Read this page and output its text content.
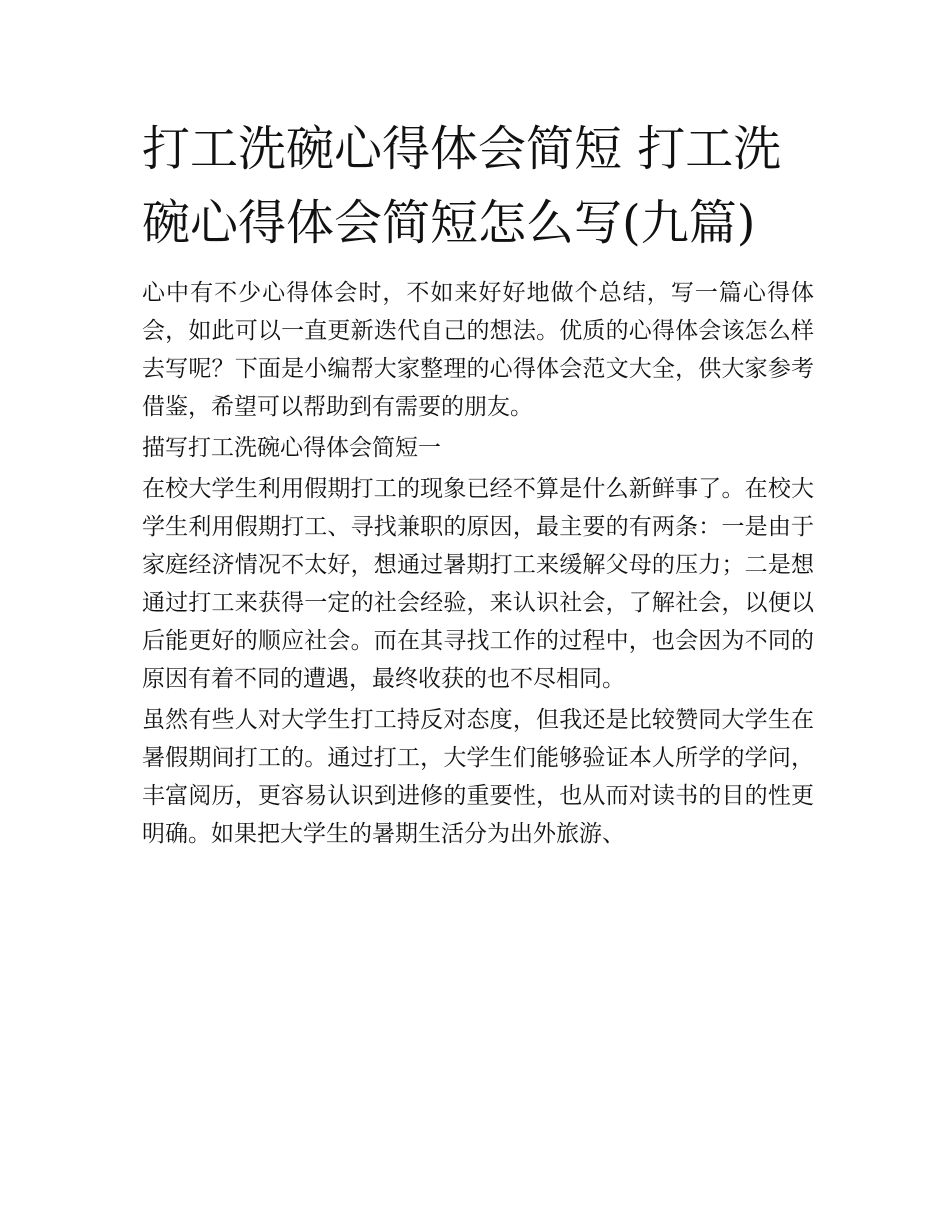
打工洗碗心得体会简短 打工洗碗心得体会简短怎么写(九篇)

心中有不少心得体会时，不如来好好地做个总结，写一篇心得体会，如此可以一直更新迭代自己的想法。优质的心得体会该怎么样去写呢？下面是小编帮大家整理的心得体会范文大全，供大家参考借鉴，希望可以帮助到有需要的朋友。

描写打工洗碗心得体会简短一

在校大学生利用假期打工的现象已经不算是什么新鲜事了。在校大学生利用假期打工、寻找兼职的原因，最主要的有两条：一是由于家庭经济情况不太好，想通过暑期打工来缓解父母的压力；二是想通过打工来获得一定的社会经验，来认识社会，了解社会，以便以后能更好的顺应社会。而在其寻找工作的过程中，也会因为不同的原因有着不同的遭遇，最终收获的也不尽相同。

虽然有些人对大学生打工持反对态度，但我还是比较赞同大学生在暑假期间打工的。通过打工，大学生们能够验证本人所学的学问，丰富阅历，更容易认识到进修的重要性，也从而对读书的目的性更明确。如果把大学生的暑期生活分为出外旅游、
